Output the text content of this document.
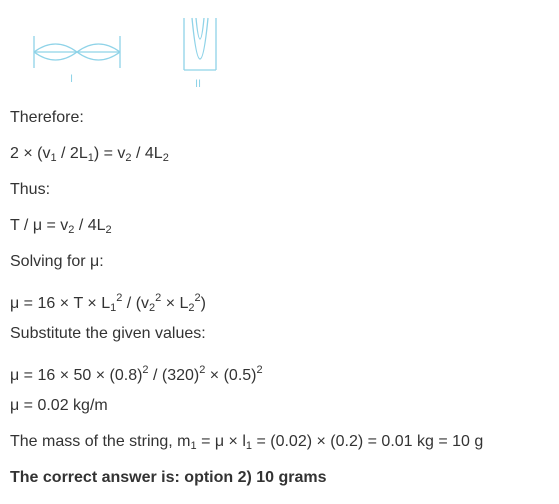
I	II
Therefore:
$2 \times (v_1 / 2L_1) = v_2 / 4L_2$
Thus:
$T / \mu = v_2 / 4L_2$
Solving for μ:
$\mu = 16 \times T \times L_1^2 / (v_2^2 \times L_2^2)$
Substitute the given values:
$\mu = 16 \times 50 \times (0.8)^2 / (320)^2 \times (0.5)^2$
μ = 0.02 kg/m
The mass of the string, $m_1 = \mu \times l_1 = (0.02) \times (0.2) = 0.01$ kg = 10 g
The correct answer is: option 2) 10 grams
